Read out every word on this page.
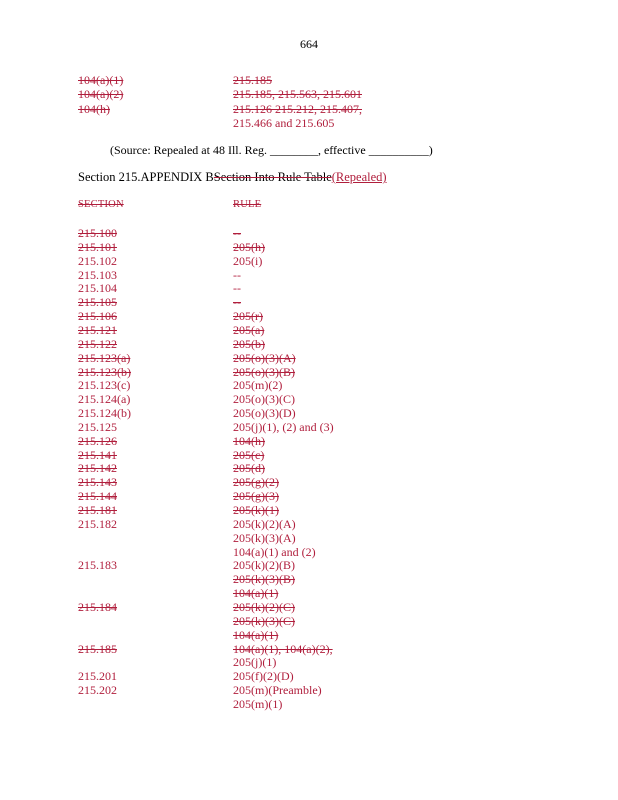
664
104(a)(1)	215.185
104(a)(2)	215.185, 215.563, 215.601
104(h)	215.126 215.212, 215.407,
215.466 and 215.605
(Source: Repealed at 48 Ill. Reg. ________, effective __________)
Section 215.APPENDIX BSection Into Rule Table(Repealed)
SECTION	RULE
215.100	--
215.101	205(h)
215.102	205(i)
215.103	--
215.104	--
215.105	--
215.106	205(r)
215.121	205(a)
215.122	205(b)
215.123(a)	205(o)(3)(A)
215.123(b)	205(o)(3)(B)
215.123(c)	205(m)(2)
215.124(a)	205(o)(3)(C)
215.124(b)	205(o)(3)(D)
215.125	205(j)(1), (2) and (3)
215.126	104(h)
215.141	205(c)
215.142	205(d)
215.143	205(g)(2)
215.144	205(g)(3)
215.181	205(k)(1)
215.182	205(k)(2)(A)
205(k)(3)(A)
104(a)(1) and (2)
215.183	205(k)(2)(B)
205(k)(3)(B)
104(a)(1)
215.184	205(k)(2)(C)
205(k)(3)(C)
104(a)(1)
215.185	104(a)(1), 104(a)(2),
205(j)(1)
215.201	205(f)(2)(D)
215.202	205(m)(Preamble)
205(m)(1)
